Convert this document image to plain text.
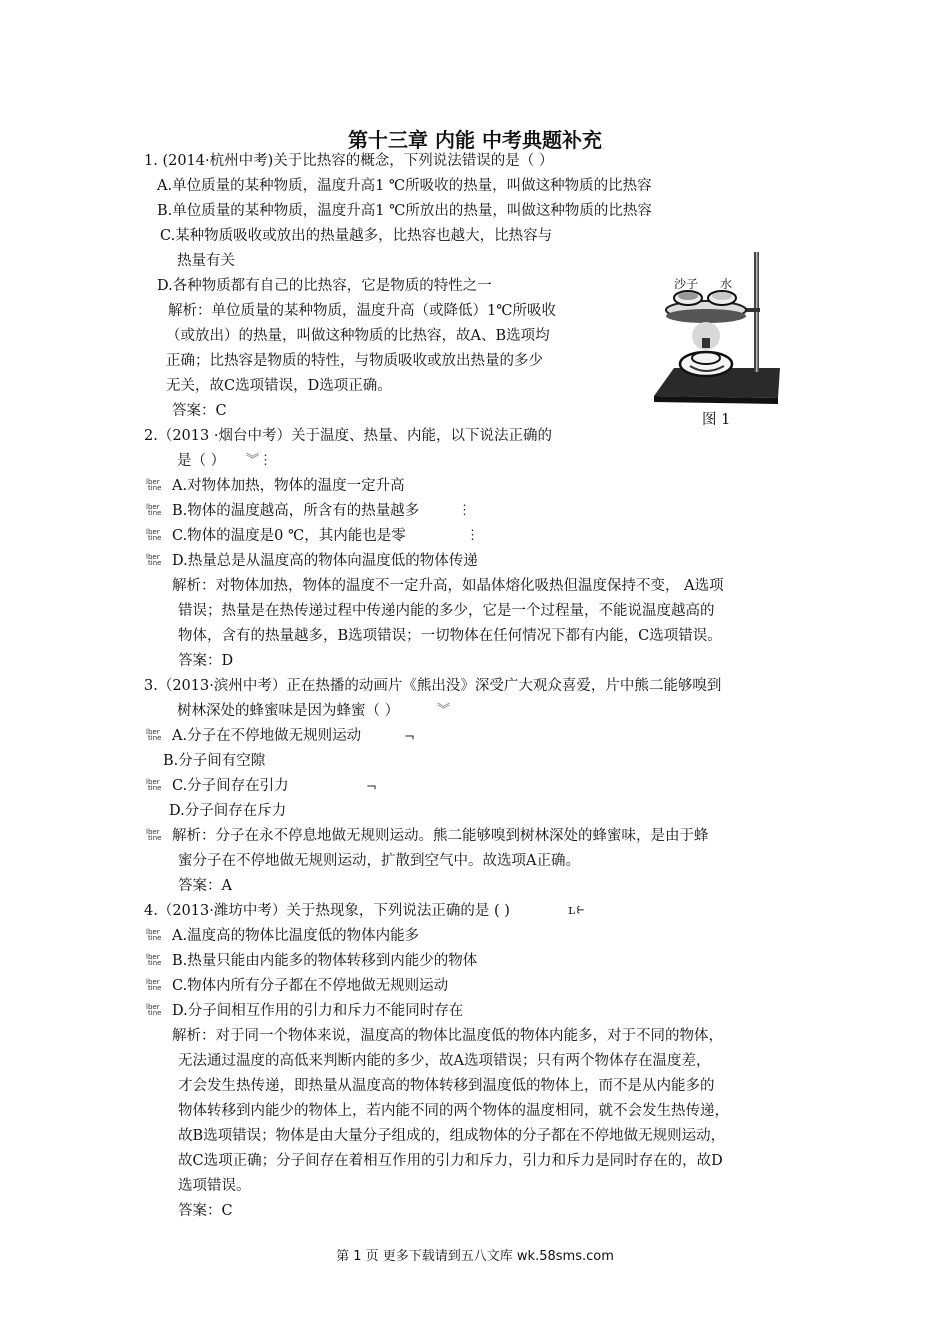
第十三章 内能 中考典题补充
1. (2014·杭州中考)关于比热容的概念，下列说法错误的是（ ）
A.单位质量的某种物质，温度升高1 ℃所吸收的热量，叫做这种物质的比热容
B.单位质量的某种物质，温度升高1 ℃所放出的热量，叫做这种物质的比热容
C.某种物质吸收或放出的热量越多，比热容也越大，比热容与
热量有关
D.各种物质都有自己的比热容，它是物质的特性之一
解析：单位质量的某种物质，温度升高（或降低）1℃所吸收
（或放出）的热量，叫做这种物质的比热容，故A、B选项均
正确；比热容是物质的特性，与物质吸收或放出热量的多少
无关，故C选项错误，D选项正确。
答案：C
沙子 水
图 1
2.（2013 ·烟台中考）关于温度、热量、内能，以下说法正确的
是（ ） ︾⋮
lber
tine A.对物体加热，物体的温度一定升高
lber
tine B.物体的温度越高，所含有的热量越多	⋮
lber
tine C.物体的温度是0 ℃，其内能也是零	⋮
lber
tine D.热量总是从温度高的物体向温度低的物体传递
解析：对物体加热，物体的温度不一定升高，如晶体熔化吸热但温度保持不变， A选项
错误；热量是在热传递过程中传递内能的多少，它是一个过程量，不能说温度越高的
物体，含有的热量越多，B选项错误；一切物体在任何情况下都有内能，C选项错误。
答案：D
3.（2013·滨州中考）正在热播的动画片《熊出没》深受广大观众喜爱，片中熊二能够嗅到
树林深处的蜂蜜味是因为蜂蜜（ ）	︾
lber
tine A.分子在不停地做无规则运动	¬
B.分子间有空隙
lber
tine C.分子间存在引力	¬
D.分子间存在斥力
lber
tine 解析：分子在永不停息地做无规则运动。熊二能够嗅到树林深处的蜂蜜味，是由于蜂
蜜分子在不停地做无规则运动，扩散到空气中。故选项A正确。
答案：A
4.（2013·潍坊中考）关于热现象，下列说法正确的是 ( )	ʟ⥼
lber
tine A.温度高的物体比温度低的物体内能多
lber
tine B.热量只能由内能多的物体转移到内能少的物体
lber
tine C.物体内所有分子都在不停地做无规则运动
lber
tine D.分子间相互作用的引力和斥力不能同时存在
解析：对于同一个物体来说，温度高的物体比温度低的物体内能多，对于不同的物体，
无法通过温度的高低来判断内能的多少，故A选项错误；只有两个物体存在温度差，
才会发生热传递，即热量从温度高的物体转移到温度低的物体上，而不是从内能多的
物体转移到内能少的物体上，若内能不同的两个物体的温度相同，就不会发生热传递，
故B选项错误；物体是由大量分子组成的，组成物体的分子都在不停地做无规则运动，
故C选项正确；分子间存在着相互作用的引力和斥力，引力和斥力是同时存在的，故D
选项错误。
答案：C
第 1 页 更多下载请到五八文库 wk.58sms.com
